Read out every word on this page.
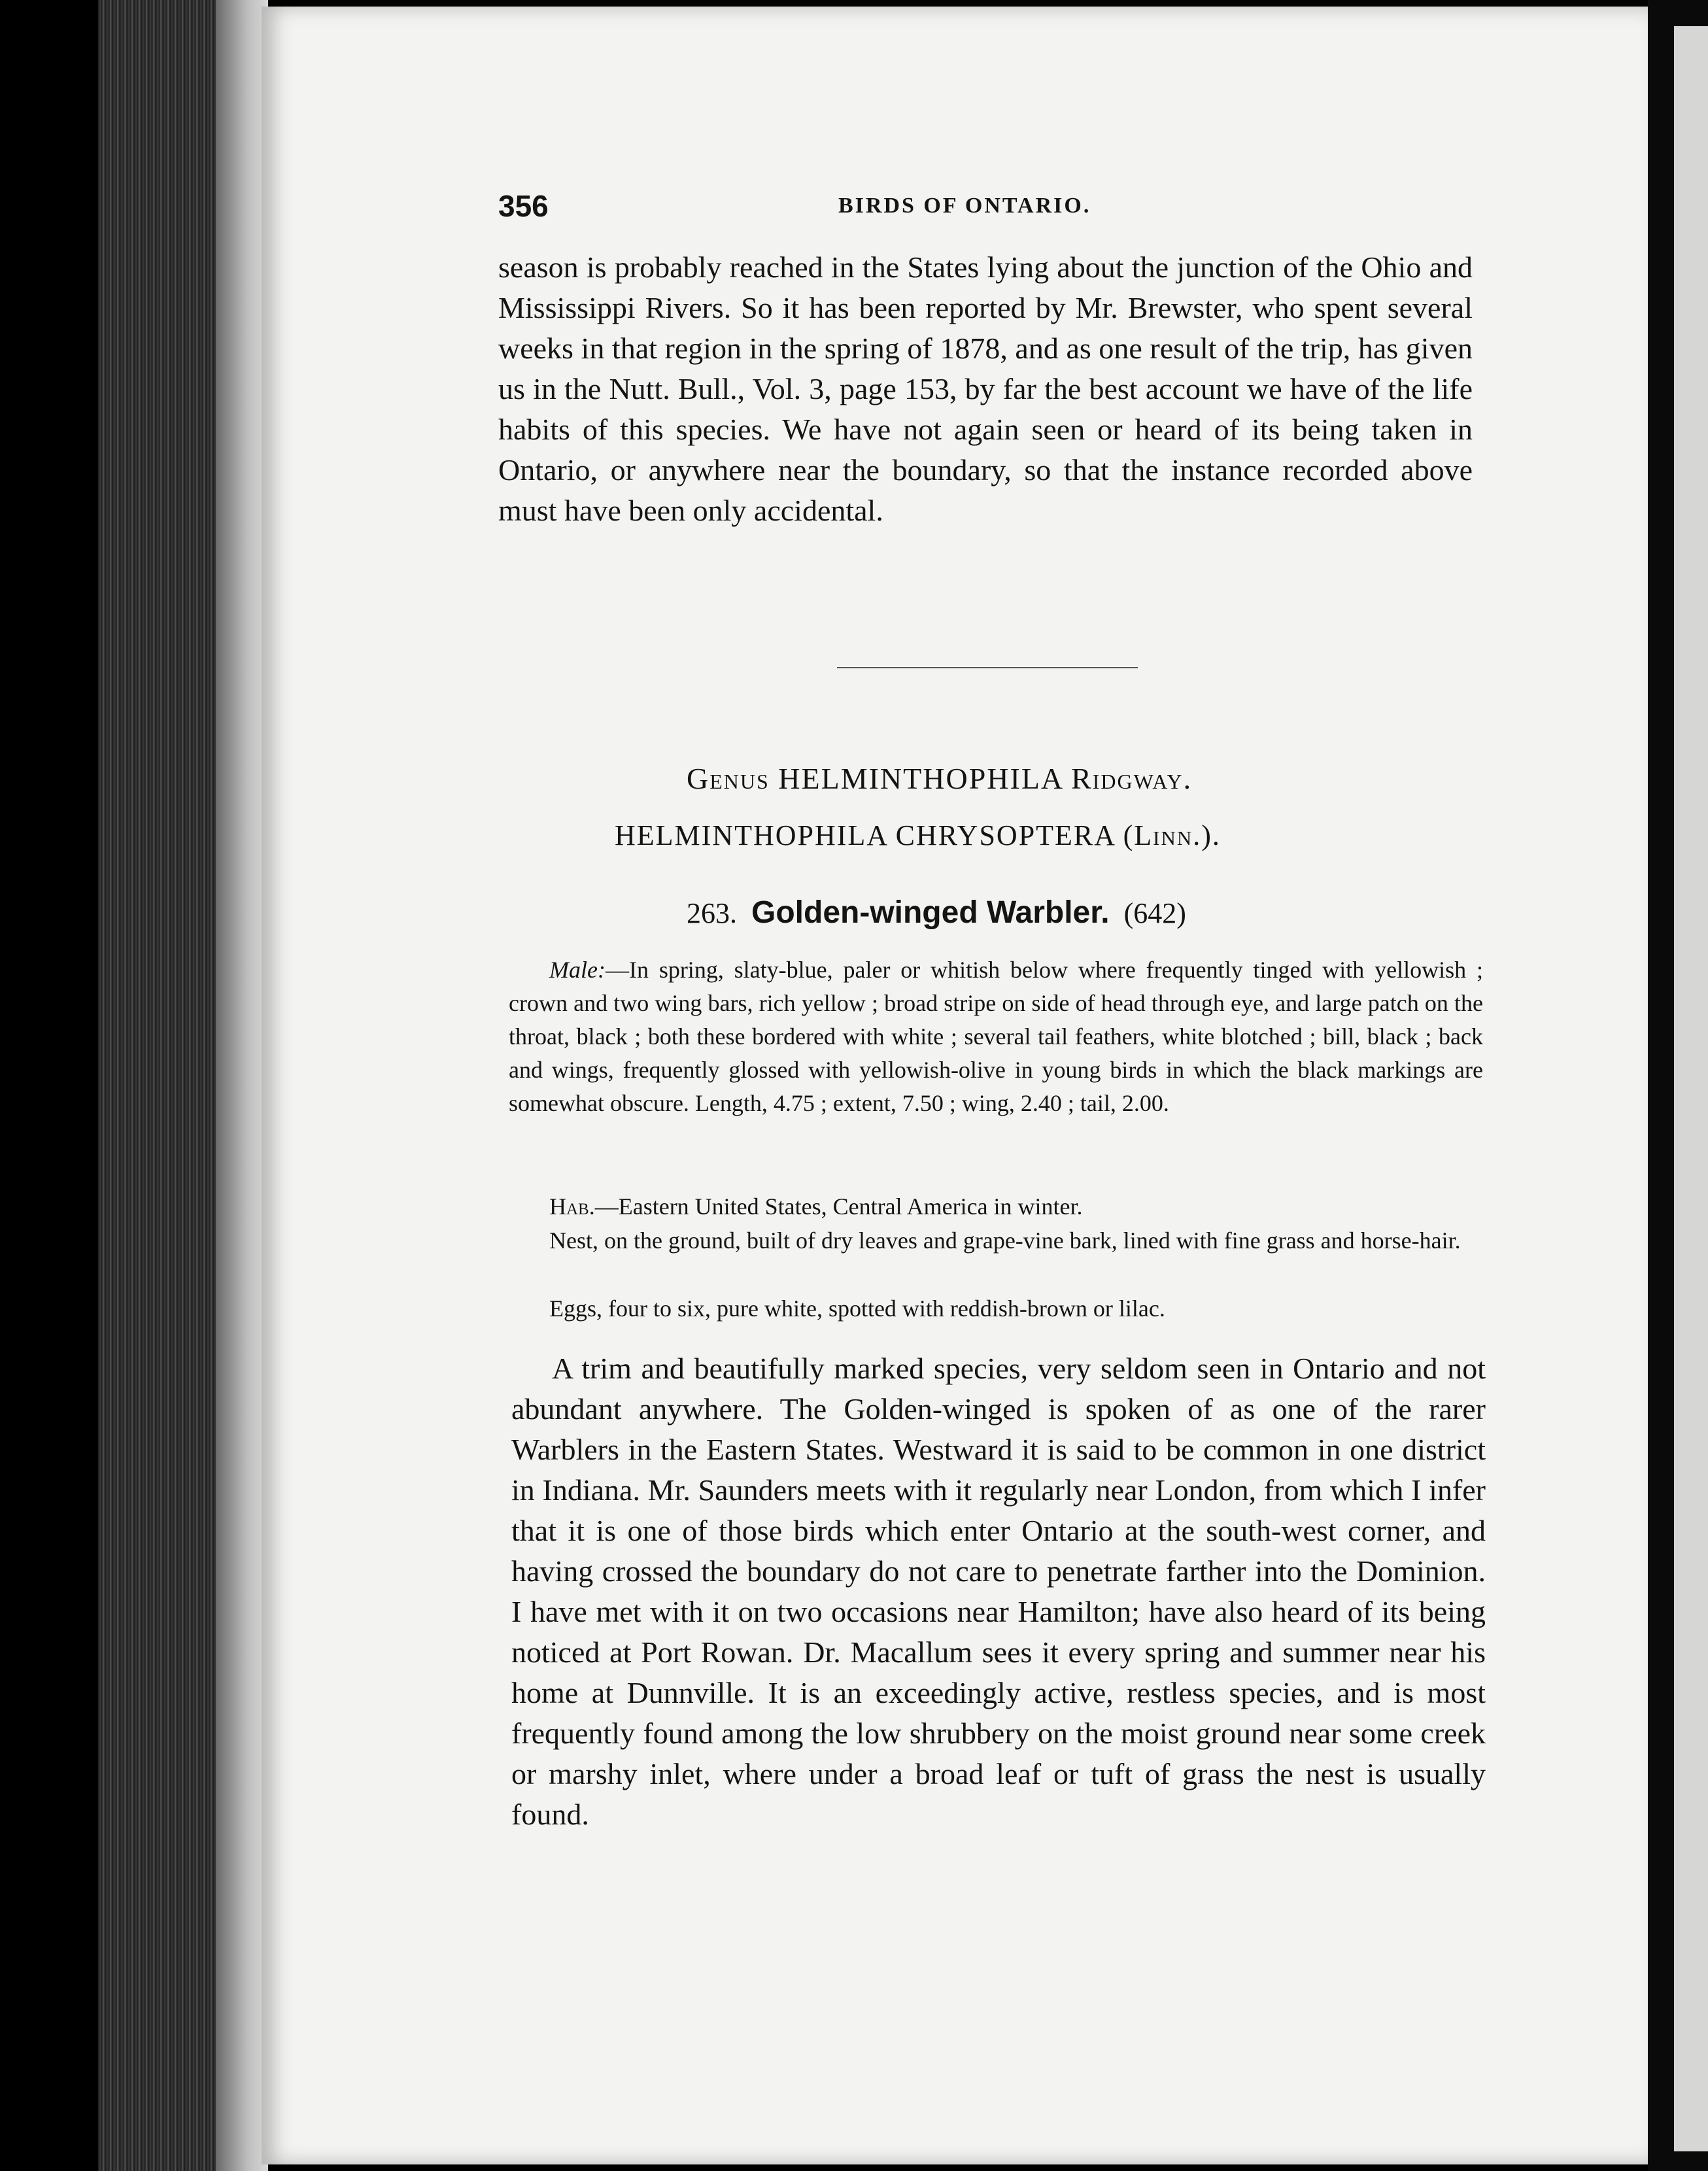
356	BIRDS OF ONTARIO.

season is probably reached in the States lying about the junction of the Ohio and Mississippi Rivers. So it has been reported by Mr. Brewster, who spent several weeks in that region in the spring of 1878, and as one result of the trip, has given us in the Nutt. Bull., Vol. 3, page 153, by far the best account we have of the life habits of this species. We have not again seen or heard of its being taken in Ontario, or anywhere near the boundary, so that the instance recorded above must have been only accidental.

Genus HELMINTHOPHILA Ridgway.
HELMINTHOPHILA CHRYSOPTERA (Linn.).
263. Golden-winged Warbler. (642)

Male:—In spring, slaty-blue, paler or whitish below where frequently tinged with yellowish ; crown and two wing bars, rich yellow ; broad stripe on side of head through eye, and large patch on the throat, black ; both these bordered with white ; several tail feathers, white blotched ; bill, black ; back and wings, frequently glossed with yellowish-olive in young birds in which the black markings are somewhat obscure. Length, 4.75 ; extent, 7.50 ; wing, 2.40 ; tail, 2.00.

Hab.—Eastern United States, Central America in winter.

Nest, on the ground, built of dry leaves and grape-vine bark, lined with fine grass and horse-hair.

Eggs, four to six, pure white, spotted with reddish-brown or lilac.

A trim and beautifully marked species, very seldom seen in Ontario and not abundant anywhere. The Golden-winged is spoken of as one of the rarer Warblers in the Eastern States. Westward it is said to be common in one district in Indiana. Mr. Saunders meets with it regularly near London, from which I infer that it is one of those birds which enter Ontario at the south-west corner, and having crossed the boundary do not care to penetrate farther into the Dominion. I have met with it on two occasions near Hamilton; have also heard of its being noticed at Port Rowan. Dr. Macallum sees it every spring and summer near his home at Dunnville. It is an exceedingly active, restless species, and is most frequently found among the low shrubbery on the moist ground near some creek or marshy inlet, where under a broad leaf or tuft of grass the nest is usually found.
